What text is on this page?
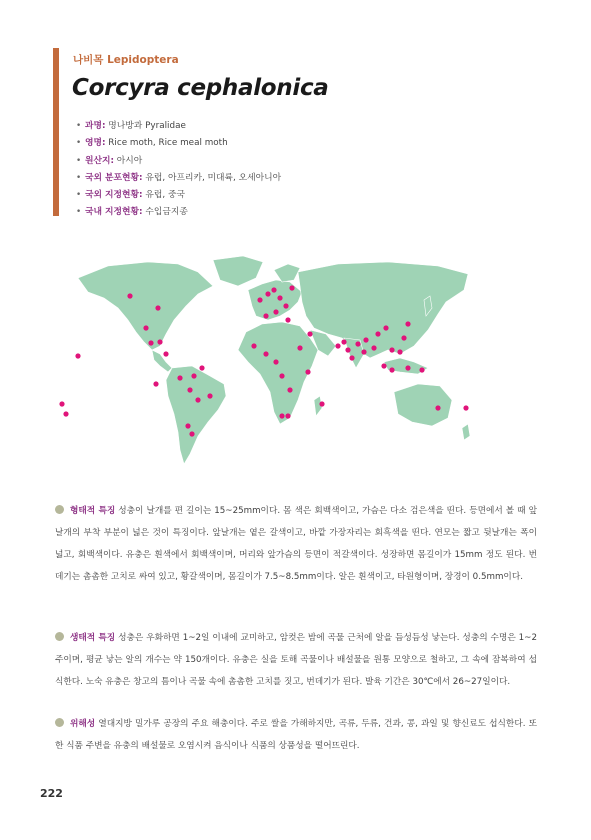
나비목 Lepidoptera
Corcyra cephalonica
• 과명: 명나방과 Pyralidae
• 영명: Rice moth, Rice meal moth
• 원산지: 아시아
• 국외 분포현황: 유럽, 아프리카, 미대륙, 오세아니아
• 국외 지정현황: 유럽, 중국
• 국내 지정현황: 수입금지종

형태적 특징 성충이 날개를 편 길이는 15~25mm이다. 몸 색은 회백색이고, 가슴은 다소 검은색을 띤다. 등면에서 볼 때 앞날개의 부착 부분이 넓은 것이 특징이다. 앞날개는 옅은 갈색이고, 바깥 가장자리는 회흑색을 띤다. 연모는 짧고 뒷날개는 폭이 넓고, 회백색이다. 유충은 흰색에서 회백색이며, 머리와 앞가슴의 등면이 적갈색이다. 성장하면 몸길이가 15mm 정도 된다. 번데기는 촘촘한 고치로 싸여 있고, 황갈색이며, 몸길이가 7.5~8.5mm이다. 알은 흰색이고, 타원형이며, 장경이 0.5mm이다.

생태적 특징 성충은 우화하면 1~2일 이내에 교미하고, 암컷은 밤에 곡물 근처에 알을 듬성듬성 낳는다. 성충의 수명은 1~2주이며, 평균 낳는 알의 개수는 약 150개이다. 유충은 실을 토해 곡물이나 배설물을 원통 모양으로 철하고, 그 속에 잠복하여 섭식한다. 노숙 유충은 창고의 틈이나 곡물 속에 촘촘한 고치를 짓고, 번데기가 된다. 발육 기간은 30℃에서 26~27일이다.

위해성 열대지방 밀가루 공장의 주요 해충이다. 주로 쌀을 가해하지만, 곡류, 두류, 건과, 콩, 과일 및 향신료도 섭식한다. 또한 식품 주변을 유충의 배설물로 오염시켜 음식이나 식품의 상품성을 떨어뜨린다.

222
